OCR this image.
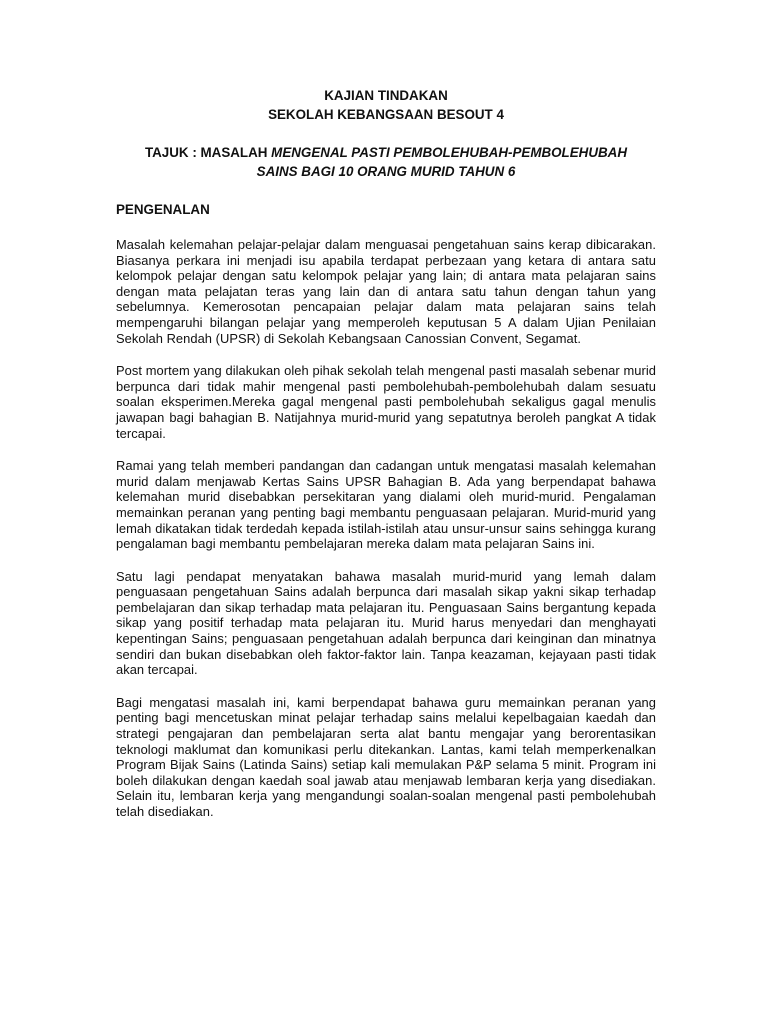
KAJIAN TINDAKAN
SEKOLAH KEBANGSAAN BESOUT 4
TAJUK : MASALAH MENGENAL PASTI PEMBOLEHUBAH-PEMBOLEHUBAH
SAINS BAGI 10 ORANG MURID TAHUN 6
PENGENALAN

Masalah kelemahan pelajar-pelajar dalam menguasai pengetahuan sains kerap dibicarakan. Biasanya perkara ini menjadi isu apabila terdapat perbezaan yang ketara di antara satu kelompok pelajar dengan satu kelompok pelajar yang lain; di antara mata pelajaran sains dengan mata pelajatan teras yang lain dan di antara satu tahun dengan tahun yang sebelumnya. Kemerosotan pencapaian pelajar dalam mata pelajaran sains telah mempengaruhi bilangan pelajar yang memperoleh keputusan 5 A dalam Ujian Penilaian Sekolah Rendah (UPSR) di Sekolah Kebangsaan Canossian Convent, Segamat.

Post mortem yang dilakukan oleh pihak sekolah telah mengenal pasti masalah sebenar murid berpunca dari tidak mahir mengenal pasti pembolehubah-pembolehubah dalam sesuatu soalan eksperimen.Mereka gagal mengenal pasti pembolehubah sekaligus gagal menulis jawapan bagi bahagian B. Natijahnya murid-murid yang sepatutnya beroleh pangkat A tidak tercapai.

Ramai yang telah memberi pandangan dan cadangan untuk mengatasi masalah kelemahan murid dalam menjawab Kertas Sains UPSR Bahagian B. Ada yang berpendapat bahawa kelemahan murid disebabkan persekitaran yang dialami oleh murid-murid. Pengalaman memainkan peranan yang penting bagi membantu penguasaan pelajaran. Murid-murid yang lemah dikatakan tidak terdedah kepada istilah-istilah atau unsur-unsur sains sehingga kurang pengalaman bagi membantu pembelajaran mereka dalam mata pelajaran Sains ini.

Satu lagi pendapat menyatakan bahawa masalah murid-murid yang lemah dalam penguasaan pengetahuan Sains adalah berpunca dari masalah sikap yakni sikap terhadap pembelajaran dan sikap terhadap mata pelajaran itu. Penguasaan Sains bergantung kepada sikap yang positif terhadap mata pelajaran itu. Murid harus menyedari dan menghayati kepentingan Sains; penguasaan pengetahuan adalah berpunca dari keinginan dan minatnya sendiri dan bukan disebabkan oleh faktor-faktor lain. Tanpa keazaman, kejayaan pasti tidak akan tercapai.

Bagi mengatasi masalah ini, kami berpendapat bahawa guru memainkan peranan yang penting bagi mencetuskan minat pelajar terhadap sains melalui kepelbagaian kaedah dan strategi pengajaran dan pembelajaran serta alat bantu mengajar yang berorentasikan teknologi maklumat dan komunikasi perlu ditekankan. Lantas, kami telah memperkenalkan Program Bijak Sains (Latinda Sains) setiap kali memulakan P&P selama 5 minit. Program ini boleh dilakukan dengan kaedah soal jawab atau menjawab lembaran kerja yang disediakan. Selain itu, lembaran kerja yang mengandungi soalan-soalan mengenal pasti pembolehubah telah disediakan.
